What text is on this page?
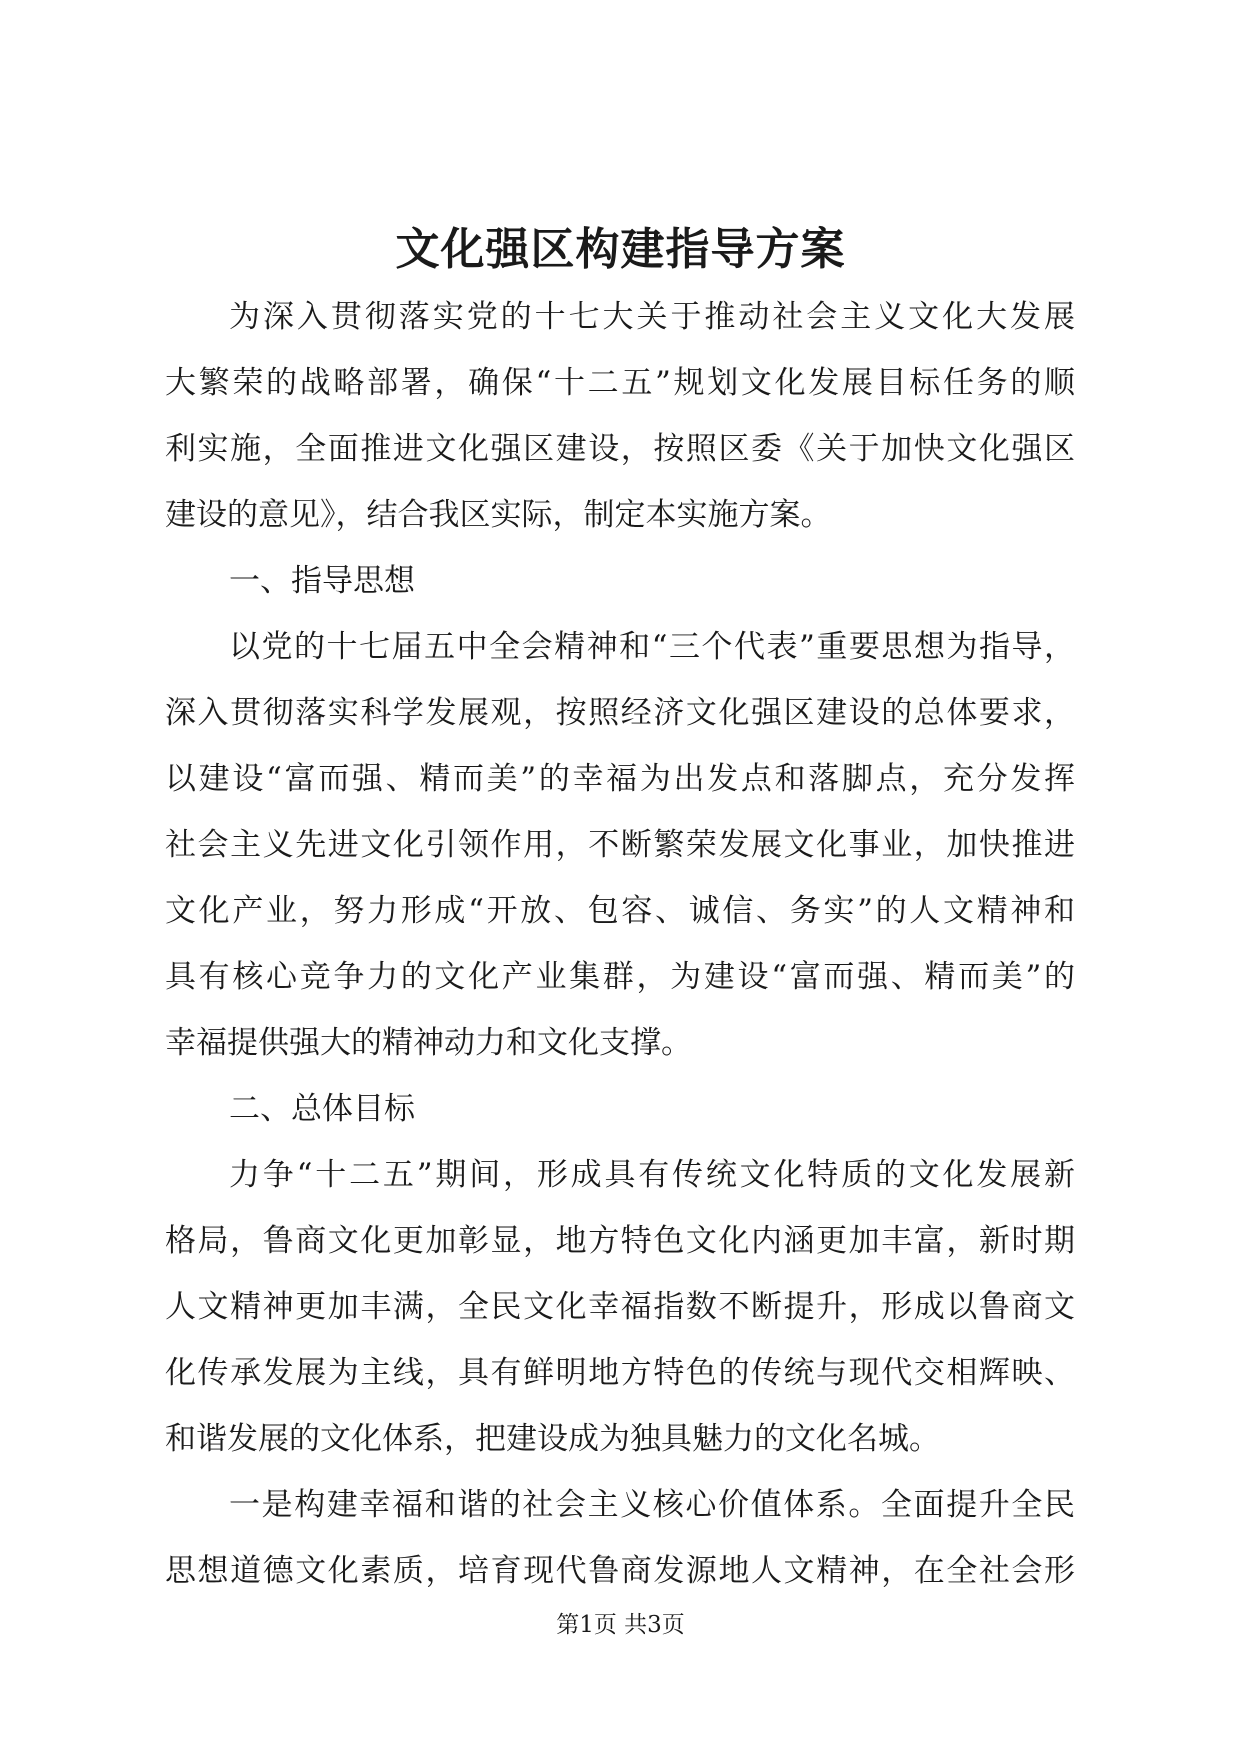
文化强区构建指导方案
为深入贯彻落实党的十七大关于推动社会主义文化大发展
大繁荣的战略部署，确保“十二五”规划文化发展目标任务的顺
利实施，全面推进文化强区建设，按照区委《关于加快文化强区
建设的意见》，结合我区实际，制定本实施方案。
一、指导思想
以党的十七届五中全会精神和“三个代表”重要思想为指导，
深入贯彻落实科学发展观，按照经济文化强区建设的总体要求，
以建设“富而强、精而美”的幸福为出发点和落脚点，充分发挥
社会主义先进文化引领作用，不断繁荣发展文化事业，加快推进
文化产业，努力形成“开放、包容、诚信、务实”的人文精神和
具有核心竞争力的文化产业集群，为建设“富而强、精而美”的
幸福提供强大的精神动力和文化支撑。
二、总体目标
力争“十二五”期间，形成具有传统文化特质的文化发展新
格局，鲁商文化更加彰显，地方特色文化内涵更加丰富，新时期
人文精神更加丰满，全民文化幸福指数不断提升，形成以鲁商文
化传承发展为主线，具有鲜明地方特色的传统与现代交相辉映、
和谐发展的文化体系，把建设成为独具魅力的文化名城。
一是构建幸福和谐的社会主义核心价值体系。全面提升全民
思想道德文化素质，培育现代鲁商发源地人文精神，在全社会形
第1页 共3页
